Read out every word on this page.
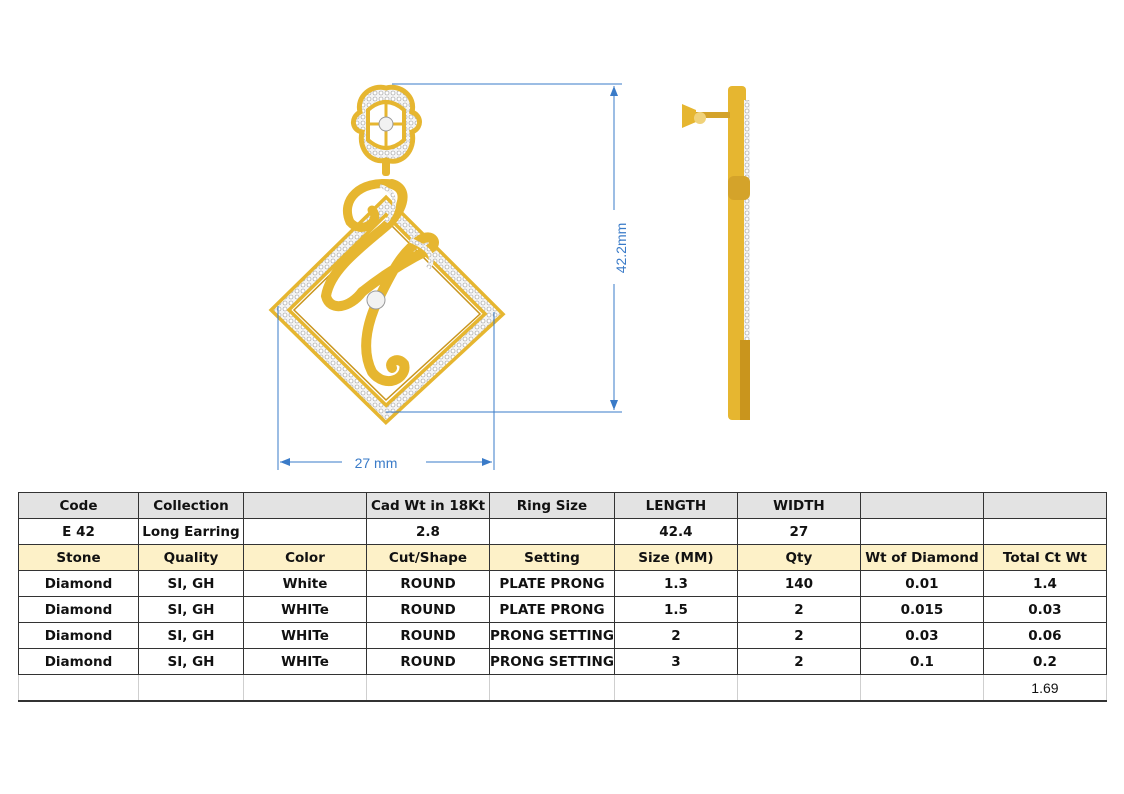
42.2mm
27 mm
Code	Collection		Cad Wt in 18Kt	Ring Size	LENGTH	WIDTH		
E 42	Long Earring		2.8		42.4	27		
Stone	Quality	Color	Cut/Shape	Setting	Size (MM)	Qty	Wt of Diamond	Total Ct Wt
Diamond	SI, GH	White	ROUND	PLATE PRONG	1.3	140	0.01	1.4
Diamond	SI, GH	WHITe	ROUND	PLATE PRONG	1.5	2	0.015	0.03
Diamond	SI, GH	WHITe	ROUND	PRONG SETTING	2	2	0.03	0.06
Diamond	SI, GH	WHITe	ROUND	PRONG SETTING	3	2	0.1	0.2
								1.69
